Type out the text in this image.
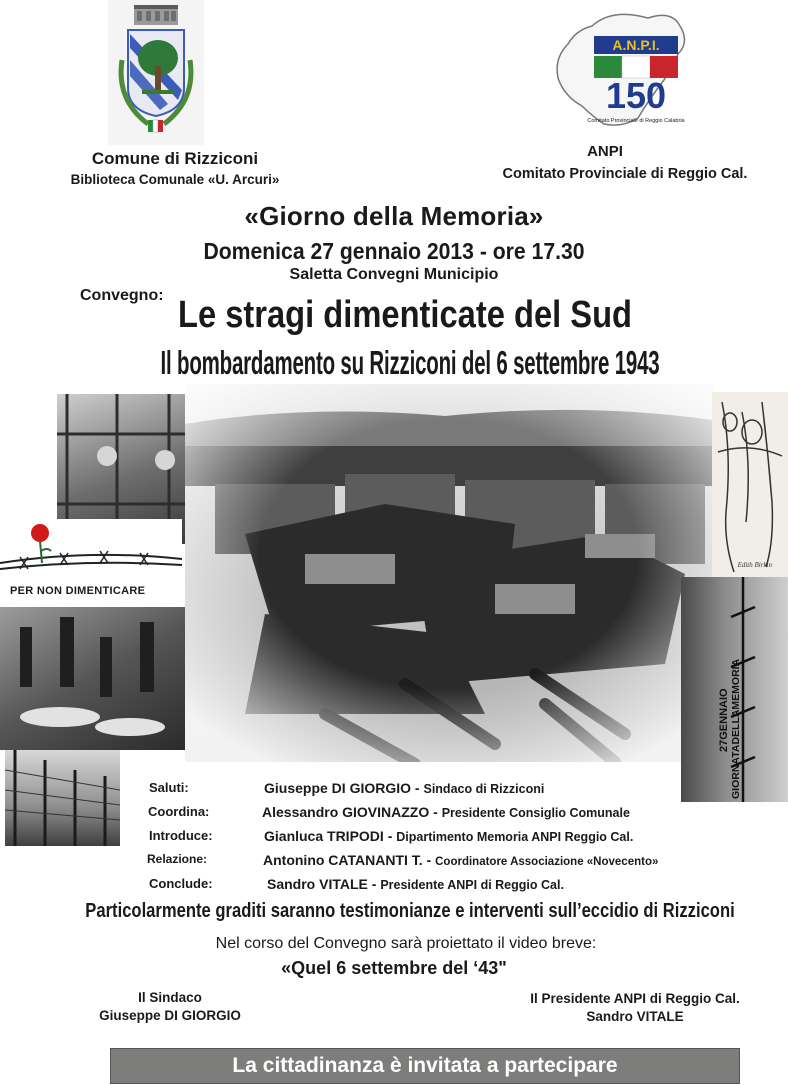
A.N.P.I.
150
Comitato Provinciale di Reggio Calabria
Comune di Rizziconi
Biblioteca Comunale «U. Arcuri»
ANPI
Comitato Provinciale di Reggio Cal.
«Giorno della Memoria»
Domenica 27 gennaio 2013 - ore 17.30
Saletta Convegni Municipio
Convegno: Le stragi dimenticate del Sud
Il bombardamento su Rizziconi del 6 settembre 1943
Edith Birkin
27GENNAIO GIORNATADELLAMEMORIA
PER NON DIMENTICARE
Saluti:	Giuseppe DI GIORGIO - Sindaco di Rizziconi
Coordina:	Alessandro GIOVINAZZO - Presidente Consiglio Comunale
Introduce:	Gianluca TRIPODI - Dipartimento Memoria ANPI Reggio Cal.
Relazione:	Antonino CATANANTI T. - Coordinatore Associazione «Novecento»
Conclude:	Sandro VITALE - Presidente ANPI di Reggio Cal.
Particolarmente graditi saranno testimonianze e interventi sull’eccidio di Rizziconi
Nel corso del Convegno sarà proiettato il video breve:
«Quel 6 settembre del ‘43"
Il Sindaco
Giuseppe DI GIORGIO
Il Presidente ANPI di Reggio Cal.
Sandro VITALE
La cittadinanza è invitata a partecipare
